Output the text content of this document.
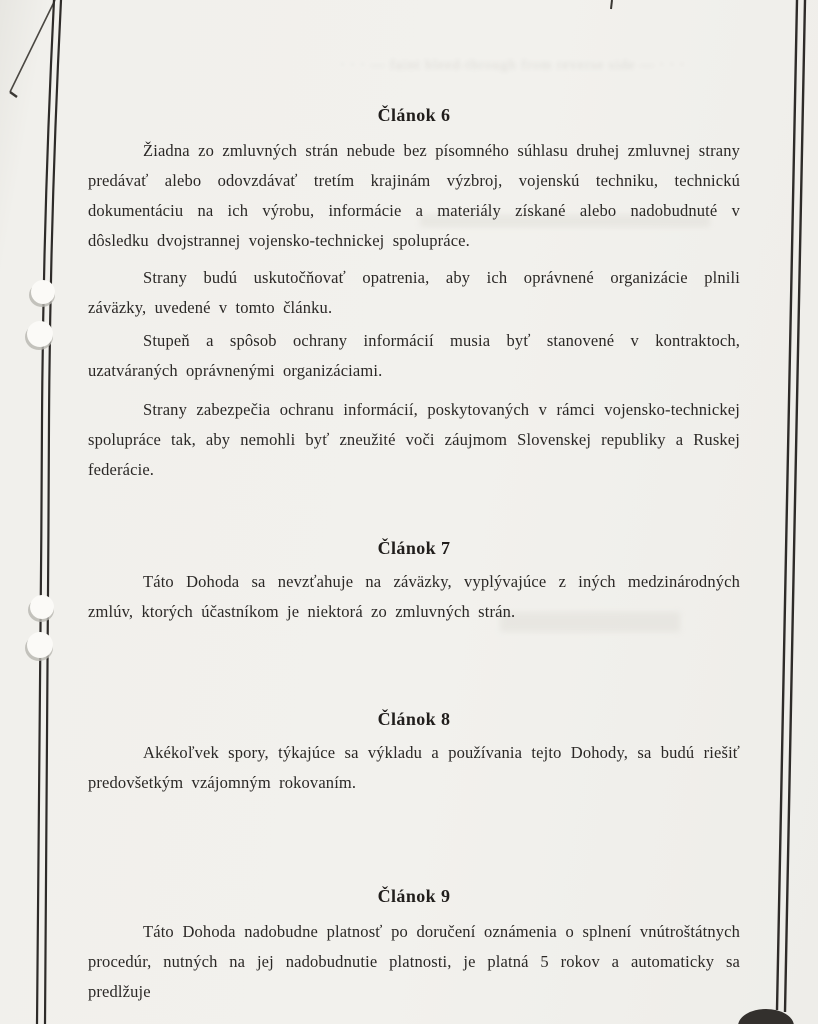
· · · — faint bleed-through from reverse side — · · ·
Článok 6

Žiadna zo zmluvných strán nebude bez písomného súhlasu druhej zmluvnej strany predávať alebo odovzdávať tretím krajinám výzbroj, vojenskú techniku, technickú dokumentáciu na ich výrobu, informácie a materiály získané alebo nadobudnuté v dôsledku dvojstrannej vojensko-technickej spolupráce.

Strany budú uskutočňovať opatrenia, aby ich oprávnené organizácie plnili záväzky, uvedené v tomto článku.

Stupeň a spôsob ochrany informácií musia byť stanovené v kontraktoch, uzatváraných oprávnenými organizáciami.

Strany zabezpečia ochranu informácií, poskytovaných v rámci vojensko-technickej spolupráce tak, aby nemohli byť zneužité voči záujmom Slovenskej republiky a Ruskej federácie.

Článok 7

Táto Dohoda sa nevzťahuje na záväzky, vyplývajúce z iných medzinárodných zmlúv, ktorých účastníkom je niektorá zo zmluvných strán.

Článok 8

Akékoľvek spory, týkajúce sa výkladu a používania tejto Dohody, sa budú riešiť predovšetkým vzájomným rokovaním.

Článok 9

Táto Dohoda nadobudne platnosť po doručení oznámenia o splnení vnútroštátnych procedúr, nutných na jej nadobudnutie platnosti, je platná 5 rokov a automaticky sa predlžuje
